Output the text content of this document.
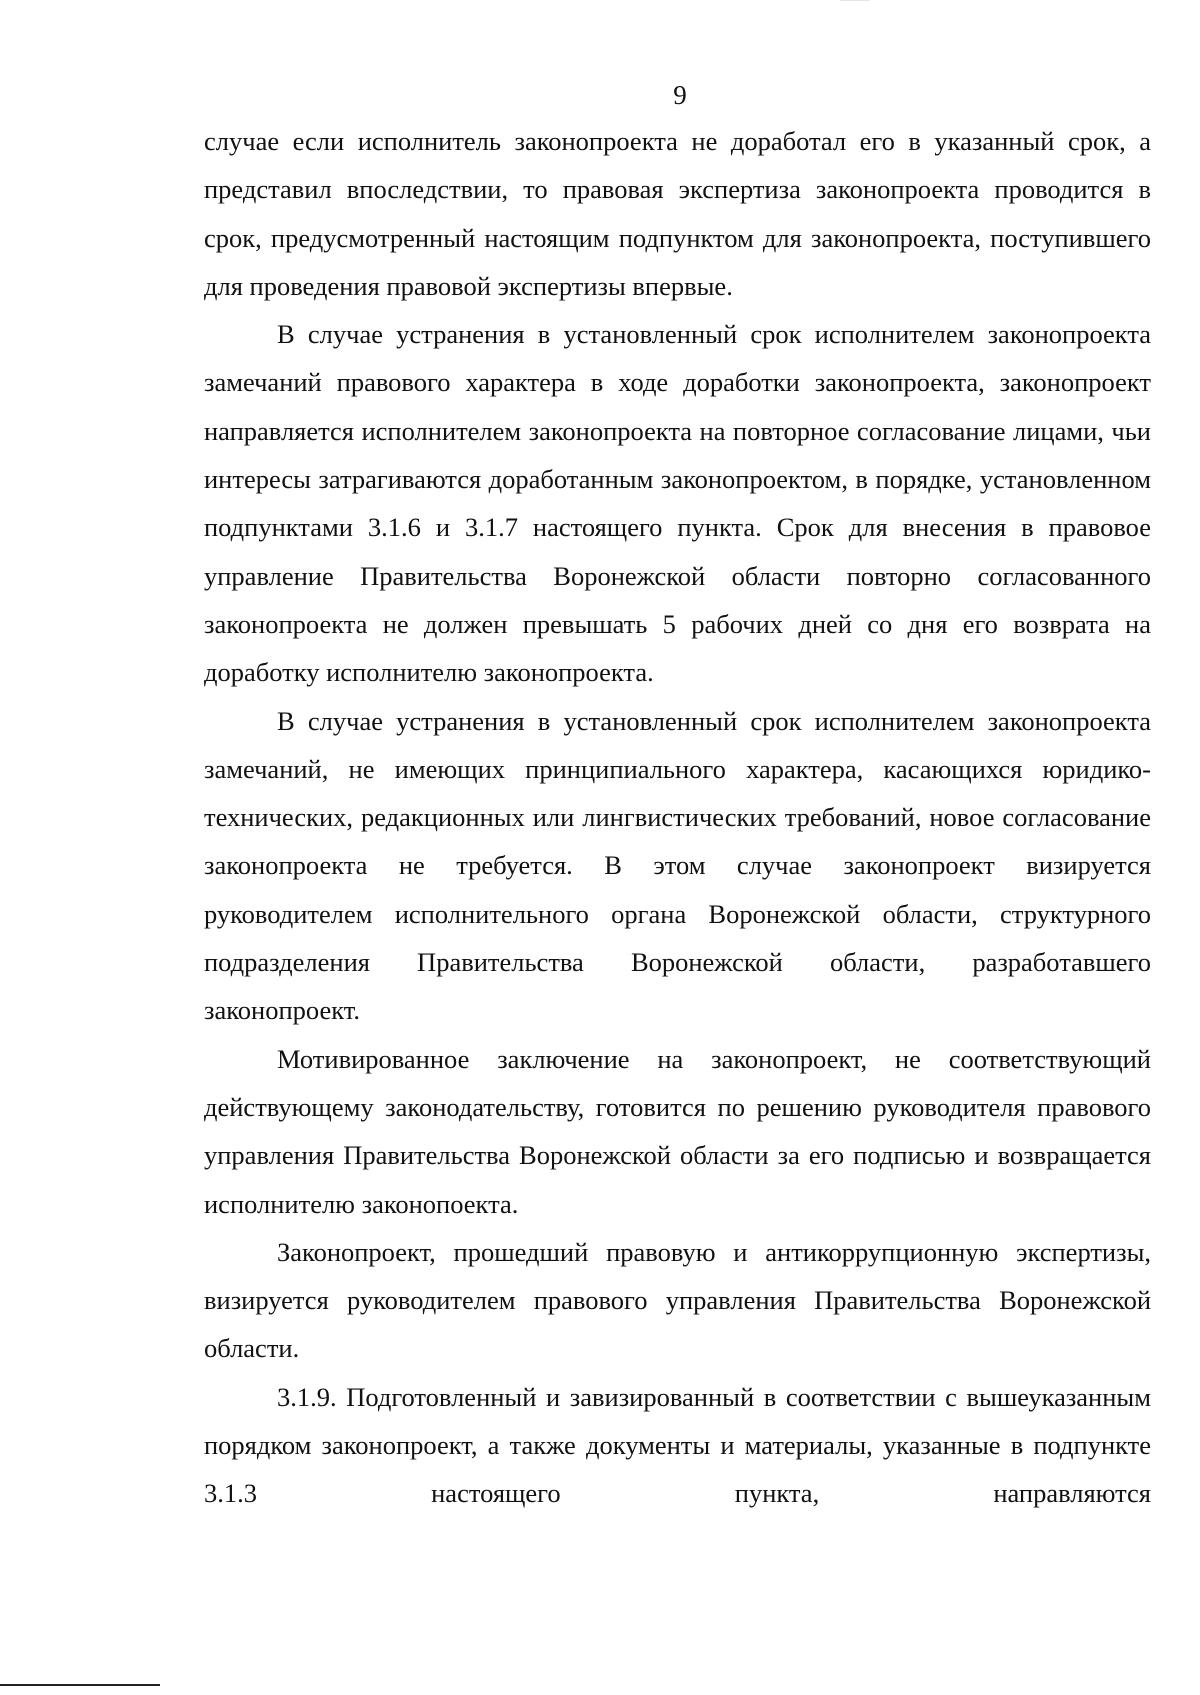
9

случае если исполнитель законопроекта не доработал его в указанный срок, а представил впоследствии, то правовая экспертиза законопроекта проводится в срок, предусмотренный настоящим подпунктом для законопроекта, поступившего для проведения правовой экспертизы впервые.

В случае устранения в установленный срок исполнителем законопроекта замечаний правового характера в ходе доработки законопроекта, законопроект направляется исполнителем законопроекта на повторное согласование лицами, чьи интересы затрагиваются доработанным законопроектом, в порядке, установленном подпунктами 3.1.6 и 3.1.7 настоящего пункта. Срок для внесения в правовое управление Правительства Воронежской области повторно согласованного законопроекта не должен превышать 5 рабочих дней со дня его возврата на доработку исполнителю законопроекта.

В случае устранения в установленный срок исполнителем законопроекта замечаний, не имеющих принципиального характера, касающихся юридико-технических, редакционных или лингвистических требований, новое согласование законопроекта не требуется. В этом случае законопроект визируется руководителем исполнительного органа Воронежской области, структурного подразделения Правительства Воронежской области, разработавшего законопроект.

Мотивированное заключение на законопроект, не соответствующий действующему законодательству, готовится по решению руководителя правового управления Правительства Воронежской области за его подписью и возвращается исполнителю законопоекта.

Законопроект, прошедший правовую и антикоррупционную экспертизы, визируется руководителем правового управления Правительства Воронежской области.

3.1.9. Подготовленный и завизированный в соответствии с вышеуказанным порядком законопроект, а также документы и материалы, указанные в подпункте 3.1.3 настоящего пункта, направляются
